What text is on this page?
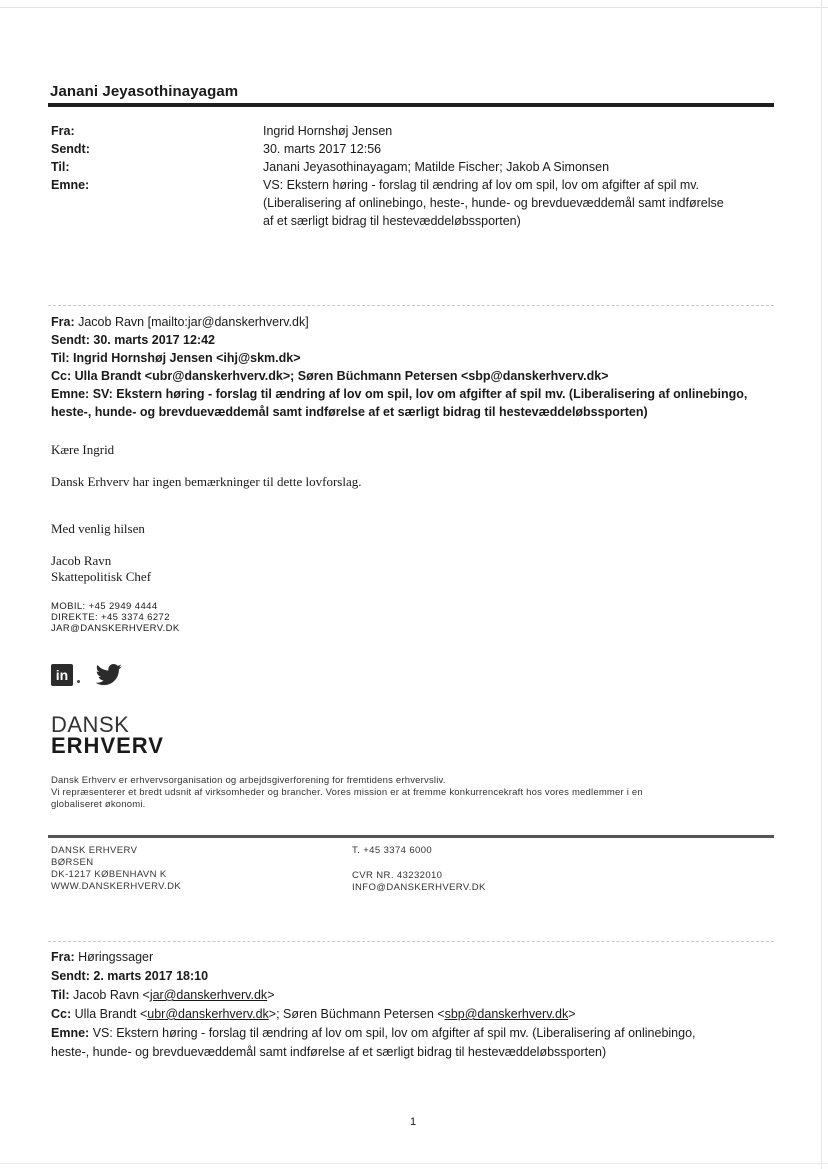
Janani Jeyasothinayagam
Fra:	Ingrid Hornshøj Jensen
Sendt:	30. marts 2017 12:56
Til:	Janani Jeyasothinayagam; Matilde Fischer; Jakob A Simonsen
Emne:	VS: Ekstern høring - forslag til ændring af lov om spil, lov om afgifter af spil mv.
(Liberalisering af onlinebingo, heste-, hunde- og brevduevæddemål samt indførelse
af et særligt bidrag til hestevæddeløbssporten)
Fra: Jacob Ravn [mailto:jar@danskerhverv.dk]
Sendt: 30. marts 2017 12:42
Til: Ingrid Hornshøj Jensen <ihj@skm.dk>
Cc: Ulla Brandt <ubr@danskerhverv.dk>; Søren Büchmann Petersen <sbp@danskerhverv.dk>
Emne: SV: Ekstern høring - forslag til ændring af lov om spil, lov om afgifter af spil mv. (Liberalisering af onlinebingo,
heste-, hunde- og brevduevæddemål samt indførelse af et særligt bidrag til hestevæddeløbssporten)
Kære Ingrid
Dansk Erhverv har ingen bemærkninger til dette lovforslag.
Med venlig hilsen
Jacob Ravn
Skattepolitisk Chef
MOBIL: +45 2949 4444
DIREKTE: +45 3374 6272
JAR@DANSKERHVERV.DK
in
DANSK
ERHVERV
Dansk Erhverv er erhvervsorganisation og arbejdsgiverforening for fremtidens erhvervsliv.
Vi repræsenterer et bredt udsnit af virksomheder og brancher. Vores mission er at fremme konkurrencekraft hos vores medlemmer i en
globaliseret økonomi.
DANSK ERHVERV
BØRSEN
DK-1217 KØBENHAVN K
WWW.DANSKERHVERV.DK
T. +45 3374 6000
CVR NR. 43232010
INFO@DANSKERHVERV.DK
Fra: Høringssager
Sendt: 2. marts 2017 18:10
Til: Jacob Ravn <jar@danskerhverv.dk>
Cc: Ulla Brandt <ubr@danskerhverv.dk>; Søren Büchmann Petersen <sbp@danskerhverv.dk>
Emne: VS: Ekstern høring - forslag til ændring af lov om spil, lov om afgifter af spil mv. (Liberalisering af onlinebingo,
heste-, hunde- og brevduevæddemål samt indførelse af et særligt bidrag til hestevæddeløbssporten)
1
